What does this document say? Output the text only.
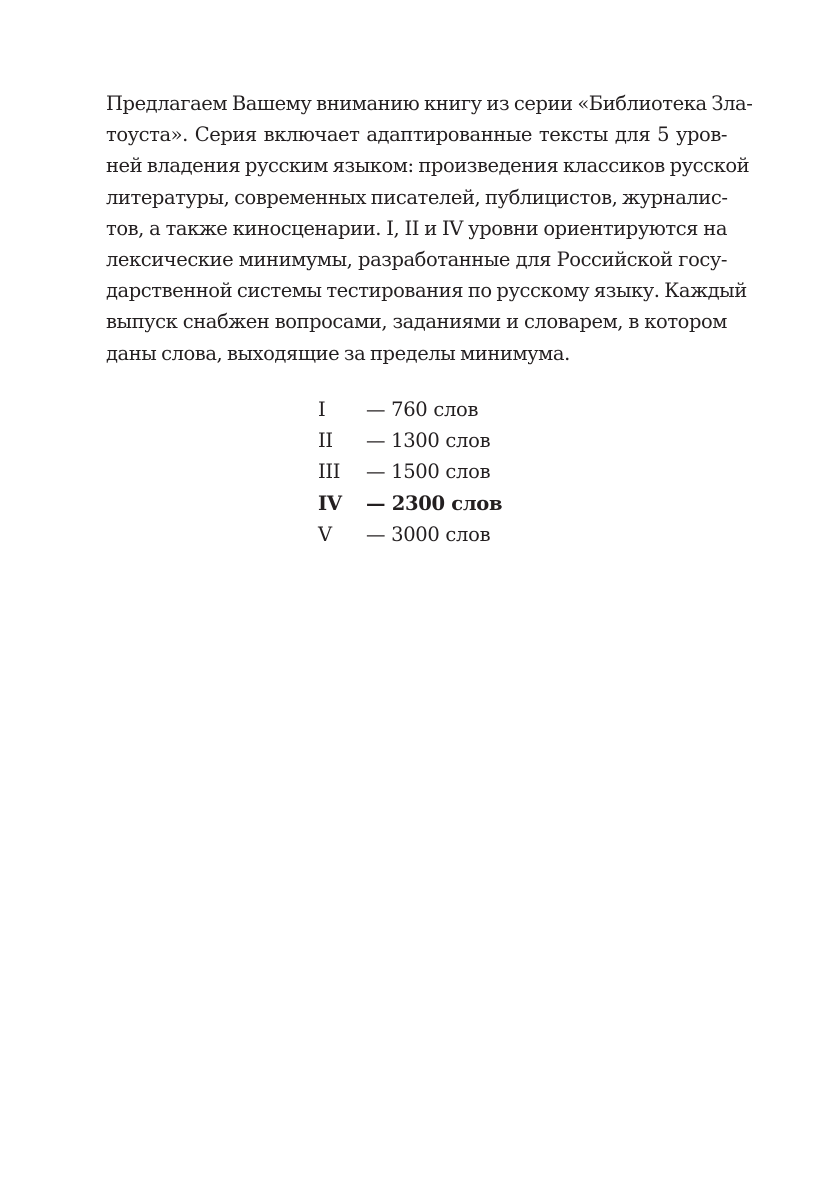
Предлагаем Вашему вниманию книгу из серии «Библиотека Зла-
тоуста». Серия включает адаптированные тексты для 5 уров-
ней владения русским языком: произведения классиков русской
литературы, современных писателей, публицистов, журналис-
тов, а также киносценарии. I, II и IV уровни ориентируются на
лексические минимумы, разработанные для Российской госу-
дарственной системы тестирования по русскому языку. Каждый
выпуск снабжен вопросами, заданиями и словарем, в котором
даны слова, выходящие за пределы минимума.
I	— 760 слов
II	— 1300 слов
III	— 1500 слов
IV	— 2300 слов
V	— 3000 слов
